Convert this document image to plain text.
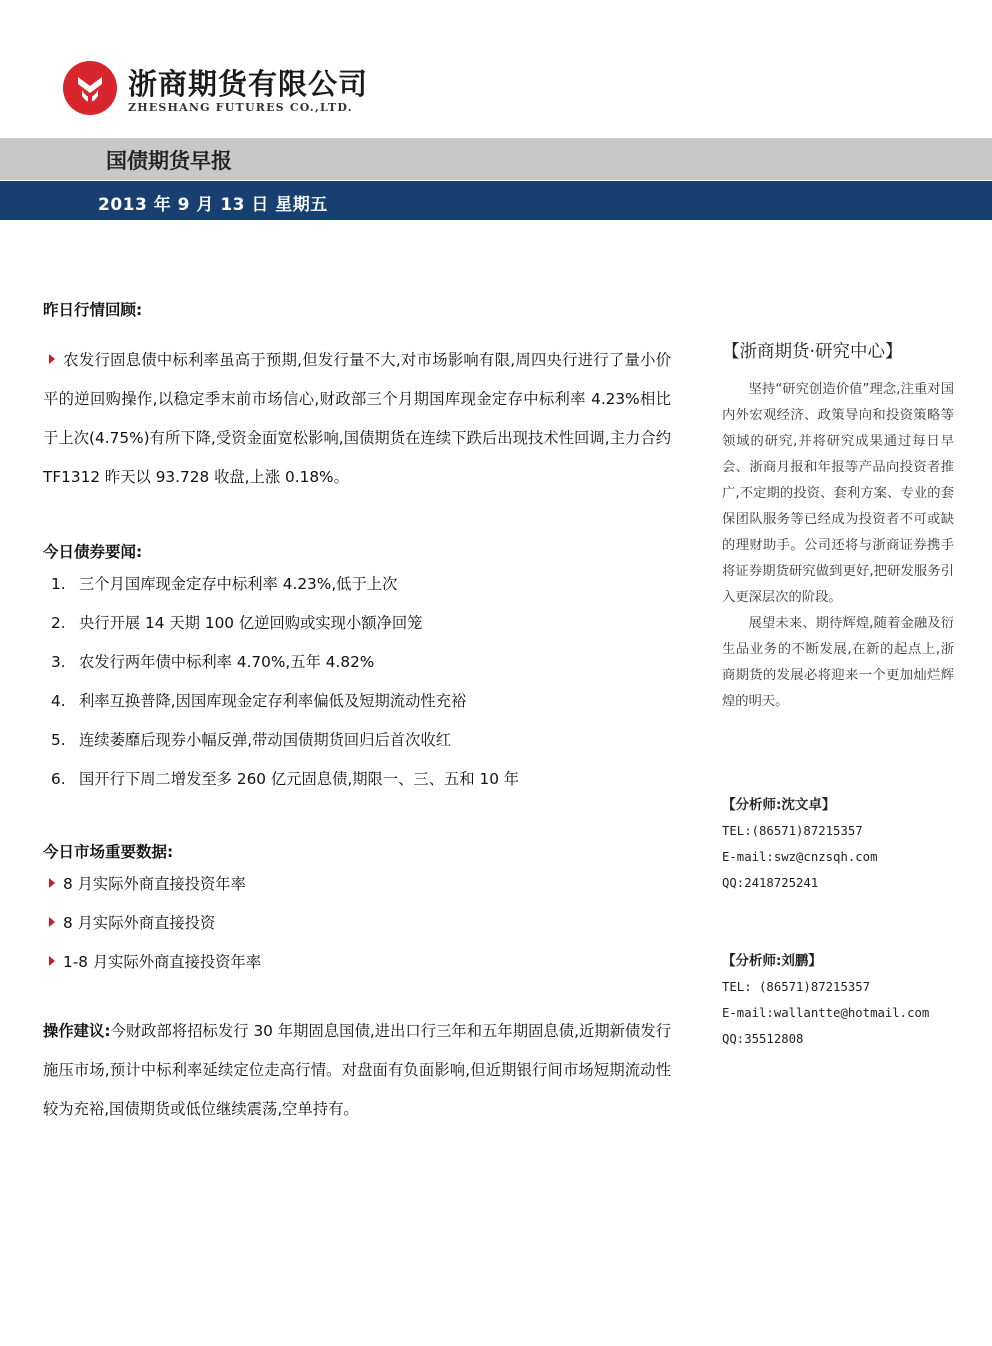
浙商期货有限公司
ZHESHANG FUTURES CO.,LTD.
国债期货早报
2013 年 9 月 13 日 星期五
昨日行情回顾:
农发行固息债中标利率虽高于预期,但发行量不大,对市场影响有限,周四央行进行了量小价平的逆回购操作,以稳定季末前市场信心,财政部三个月期国库现金定存中标利率 4.23%相比于上次(4.75%)有所下降,受资金面宽松影响,国债期货在连续下跌后出现技术性回调,主力合约 TF1312 昨天以 93.728 收盘,上涨 0.18%。
今日债券要闻:
1. 三个月国库现金定存中标利率 4.23%,低于上次
2. 央行开展 14 天期 100 亿逆回购或实现小额净回笼
3. 农发行两年债中标利率 4.70%,五年 4.82%
4. 利率互换普降,因国库现金定存利率偏低及短期流动性充裕
5. 连续萎靡后现券小幅反弹,带动国债期货回归后首次收红
6. 国开行下周二增发至多 260 亿元固息债,期限一、三、五和 10 年
今日市场重要数据:
8 月实际外商直接投资年率
8 月实际外商直接投资
1-8 月实际外商直接投资年率
操作建议:今财政部将招标发行 30 年期固息国债,进出口行三年和五年期固息债,近期新债发行施压市场,预计中标利率延续定位走高行情。对盘面有负面影响,但近期银行间市场短期流动性较为充裕,国债期货或低位继续震荡,空单持有。
【浙商期货·研究中心】

坚持“研究创造价值”理念,注重对国内外宏观经济、政策导向和投资策略等领域的研究,并将研究成果通过每日早会、浙商月报和年报等产品向投资者推广,不定期的投资、套利方案、专业的套保团队服务等已经成为投资者不可或缺的理财助手。公司还将与浙商证券携手将证券期货研究做到更好,把研发服务引入更深层次的阶段。

展望未来、期待辉煌,随着金融及衍生品业务的不断发展,在新的起点上,浙商期货的发展必将迎来一个更加灿烂辉煌的明天。

【分析师:沈文卓】
TEL:(86571)87215357
E-mail:swz@cnzsqh.com
QQ:2418725241
【分析师:刘鹏】
TEL: (86571)87215357
E-mail:wallantte@hotmail.com
QQ:35512808
